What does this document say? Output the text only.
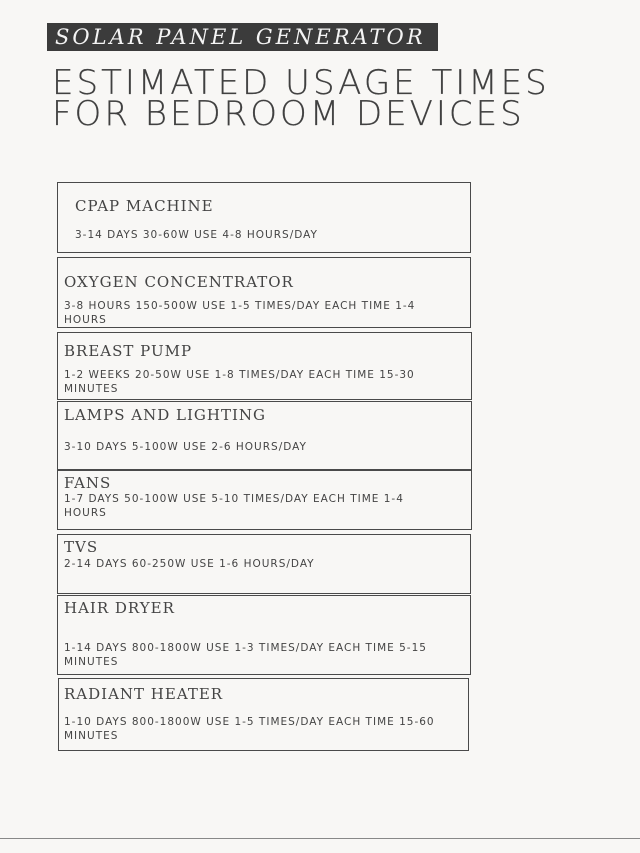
SOLAR PANEL GENERATOR
ESTIMATED USAGE TIMES
FOR BEDROOM DEVICES
CPAP MACHINE
3-14 DAYS 30-60W USE 4-8 HOURS/DAY
OXYGEN CONCENTRATOR
3-8 HOURS 150-500W USE 1-5 TIMES/DAY EACH TIME 1-4 HOURS
BREAST PUMP
1-2 WEEKS 20-50W USE 1-8 TIMES/DAY EACH TIME 15-30 MINUTES
LAMPS AND LIGHTING
3-10 DAYS 5-100W USE 2-6 HOURS/DAY
FANS
1-7 DAYS 50-100W USE 5-10 TIMES/DAY EACH TIME 1-4 HOURS
TVS
2-14 DAYS 60-250W USE 1-6 HOURS/DAY
HAIR DRYER
1-14 DAYS 800-1800W USE 1-3 TIMES/DAY EACH TIME 5-15 MINUTES
RADIANT HEATER
1-10 DAYS 800-1800W USE 1-5 TIMES/DAY EACH TIME 15-60 MINUTES
